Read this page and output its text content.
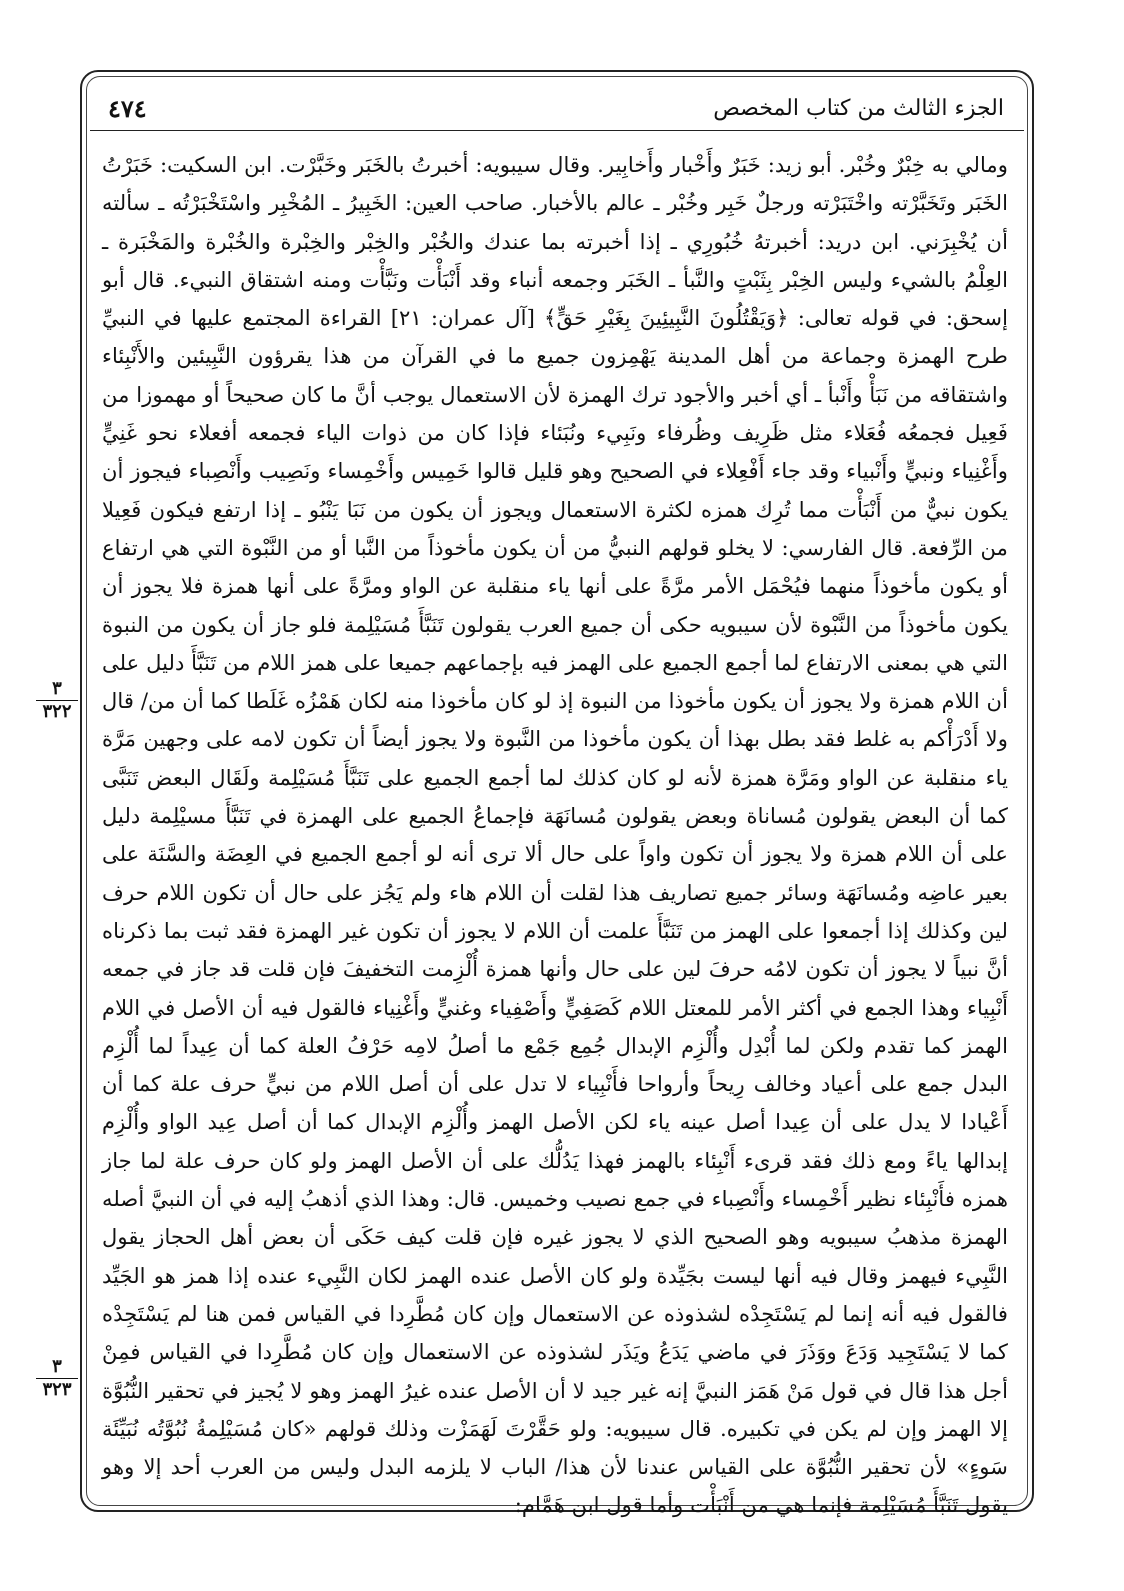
الجزء الثالث من كتاب المخصص
٤٧٤
٣
٣٢٢
٣
٣٢٣

ومالي به خِبْرٌ وخُبْر. أبو زيد: خَبَرٌ وأَخْبار وأَخابِير. وقال سيبويه: أخبرتُ بالخَبَر وخَبَّرْت. ابن السكيت: خَبَرْتُ الخَبَر وتَخَبَّرْته واخْتَبَرْته ورجلٌ خَبِر وخُبْر ـ عالم بالأخبار. صاحب العين: الخَبِيرُ ـ المُخْبِر واسْتَخْبَرْتُه ـ سألته أن يُخْبِرَني. ابن دريد: أخبرتهُ خُبُورِي ـ إذا أخبرته بما عندك والخُبْر والخِبْر والخِبْرة والخُبْرة والمَخْبَرة ـ العِلْمُ بالشيء وليس الخِبْر بِثَبْتٍ والنَّبأ ـ الخَبَر وجمعه أنباء وقد أَنْبَأْت ونَبَّأْت ومنه اشتقاق النبيء. قال أبو إسحق: في قوله تعالى: ﴿وَيَقْتُلُونَ النَّبِيئِينَ بِغَيْرِ حَقٍّ﴾ [آل عمران: ٢١] القراءة المجتمع عليها في النبيِّ طرح الهمزة وجماعة من أهل المدينة يَهْمِزون جميع ما في القرآن من هذا يقرؤون النَّبِيئين والأَنْبِئاء واشتقاقه من نَبَأْ وأَنْبأ ـ أي أخبر والأجود ترك الهمزة لأن الاستعمال يوجب أنَّ ما كان صحيحاً أو مهموزا من فَعِيل فجمعُه فُعَلاء مثل ظَرِيف وظُرفاء ونَبِيء ونُبَئاء فإذا كان من ذوات الياء فجمعه أفعلاء نحو غَنِيٍّ وأَغْنِياء ونبيٍّ وأَنْبياء وقد جاء أَفْعِلاء في الصحيح وهو قليل قالوا خَمِيس وأَخْمِساء ونَصِيب وأَنْصِباء فيجوز أن يكون نبيٌّ من أَنْبَأْت مما تُرِك همزه لكثرة الاستعمال ويجوز أن يكون من نَبَا يَنْبُو ـ إذا ارتفع فيكون فَعِيلا من الرِّفعة. قال الفارسي: لا يخلو قولهم النبيُّ من أن يكون مأخوذاً من النَّبا أو من النَّبْوة التي هي ارتفاع أو يكون مأخوذاً منهما فيُحْمَل الأمر مرَّةً على أنها ياء منقلبة عن الواو ومرَّةً على أنها همزة فلا يجوز أن يكون مأخوذاً من النَّبْوة لأن سيبويه حكى أن جميع العرب يقولون تَنَبَّأَ مُسَيْلِمة فلو جاز أن يكون من النبوة التي هي بمعنى الارتفاع لما أجمع الجميع على الهمز فيه بإجماعهم جميعا على همز اللام من تَنَبَّأَ دليل على أن اللام همزة ولا يجوز أن يكون مأخوذا من النبوة إذ لو كان مأخوذا منه لكان هَمْزُه غَلَطا كما أن من/ قال ولا أَدْرَأْكم به غلط فقد بطل بهذا أن يكون مأخوذا من النَّبوة ولا يجوز أيضاً أن تكون لامه على وجهين مَرَّة ياء منقلبة عن الواو ومَرَّة همزة لأنه لو كان كذلك لما أجمع الجميع على تَنَبَّأَ مُسَيْلِمة ولَقَال البعض تَنَبَّى كما أن البعض يقولون مُساناة وبعض يقولون مُسانَهَة فإجماعُ الجميع على الهمزة في تَنَبَّأَ مسيْلِمة دليل على أن اللام همزة ولا يجوز أن تكون واواً على حال ألا ترى أنه لو أجمع الجميع في العِضَة والسَّنَة على بعير عاضِه ومُسانَهَة وسائر جميع تصاريف هذا لقلت أن اللام هاء ولم يَجُز على حال أن تكون اللام حرف لين وكذلك إذا أجمعوا على الهمز من تَنَبَّأَ علمت أن اللام لا يجوز أن تكون غير الهمزة فقد ثبت بما ذكرناه أنَّ نبياً لا يجوز أن تكون لامُه حرفَ لين على حال وأنها همزة أُلْزِمت التخفيفَ فإن قلت قد جاز في جمعه أَنْبِياء وهذا الجمع في أكثر الأمر للمعتل اللام كَصَفِيٍّ وأَصْفِياء وغنيٍّ وأَغْنِياء فالقول فيه أن الأصل في اللام الهمز كما تقدم ولكن لما أُبْدِل وأُلْزِم الإبدال جُمِع جَمْع ما أصلُ لامِه حَرْفُ العلة كما أن عِيداً لما أُلْزِم البدل جمع على أعياد وخالف رِيحاً وأرواحا فأَنْبِياء لا تدل على أن أصل اللام من نبيٍّ حرف علة كما أن أَعْيادا لا يدل على أن عِيدا أصل عينه ياء لكن الأصل الهمز وأُلْزِم الإبدال كما أن أصل عِيد الواو وأُلْزِم إبدالها ياءً ومع ذلك فقد قرىء أَنْبِئاء بالهمز فهذا يَدُلُّك على أن الأصل الهمز ولو كان حرف علة لما جاز همزه فأَنْبِئاء نظير أَخْمِساء وأَنْصِباء في جمع نصيب وخميس. قال: وهذا الذي أذهبُ إليه في أن النبيَّ أصله الهمزة مذهبُ سيبويه وهو الصحيح الذي لا يجوز غيره فإن قلت كيف حَكَى أن بعض أهل الحجاز يقول النَّبِيء فيهمز وقال فيه أنها ليست بجَيِّدة ولو كان الأصل عنده الهمز لكان النَّبِيء عنده إذا همز هو الجَيِّد فالقول فيه أنه إنما لم يَسْتَجِدْه لشذوذه عن الاستعمال وإن كان مُطَّرِدا في القياس فمن هنا لم يَسْتَجِدْه كما لا يَسْتَجِيد وَدَعَ ووَذَرَ في ماضي يَدَعُ ويَذَر لشذوذه عن الاستعمال وإن كان مُطَّرِدا في القياس فمِنْ أجل هذا قال في قول مَنْ هَمَز النبيَّ إنه غير جيد لا أن الأصل عنده غيرُ الهمز وهو لا يُجيز في تحقير النُّبُوَّة إلا الهمز وإن لم يكن في تكبيره. قال سيبويه: ولو حَقَّرْتَ لَهَمَزْت وذلك قولهم «كان مُسَيْلِمةُ نُبُوَّتُه نُبَيِّئَة سَوءٍ» لأن تحقير النُّبُوَّة على القياس عندنا لأن هذا/ الباب لا يلزمه البدل وليس من العرب أحد إلا وهو يقول تَنَبَّأَ مُسَيْلِمة فإنما هي من أَنْبَأْت وأما قول ابن هَمَّام:
